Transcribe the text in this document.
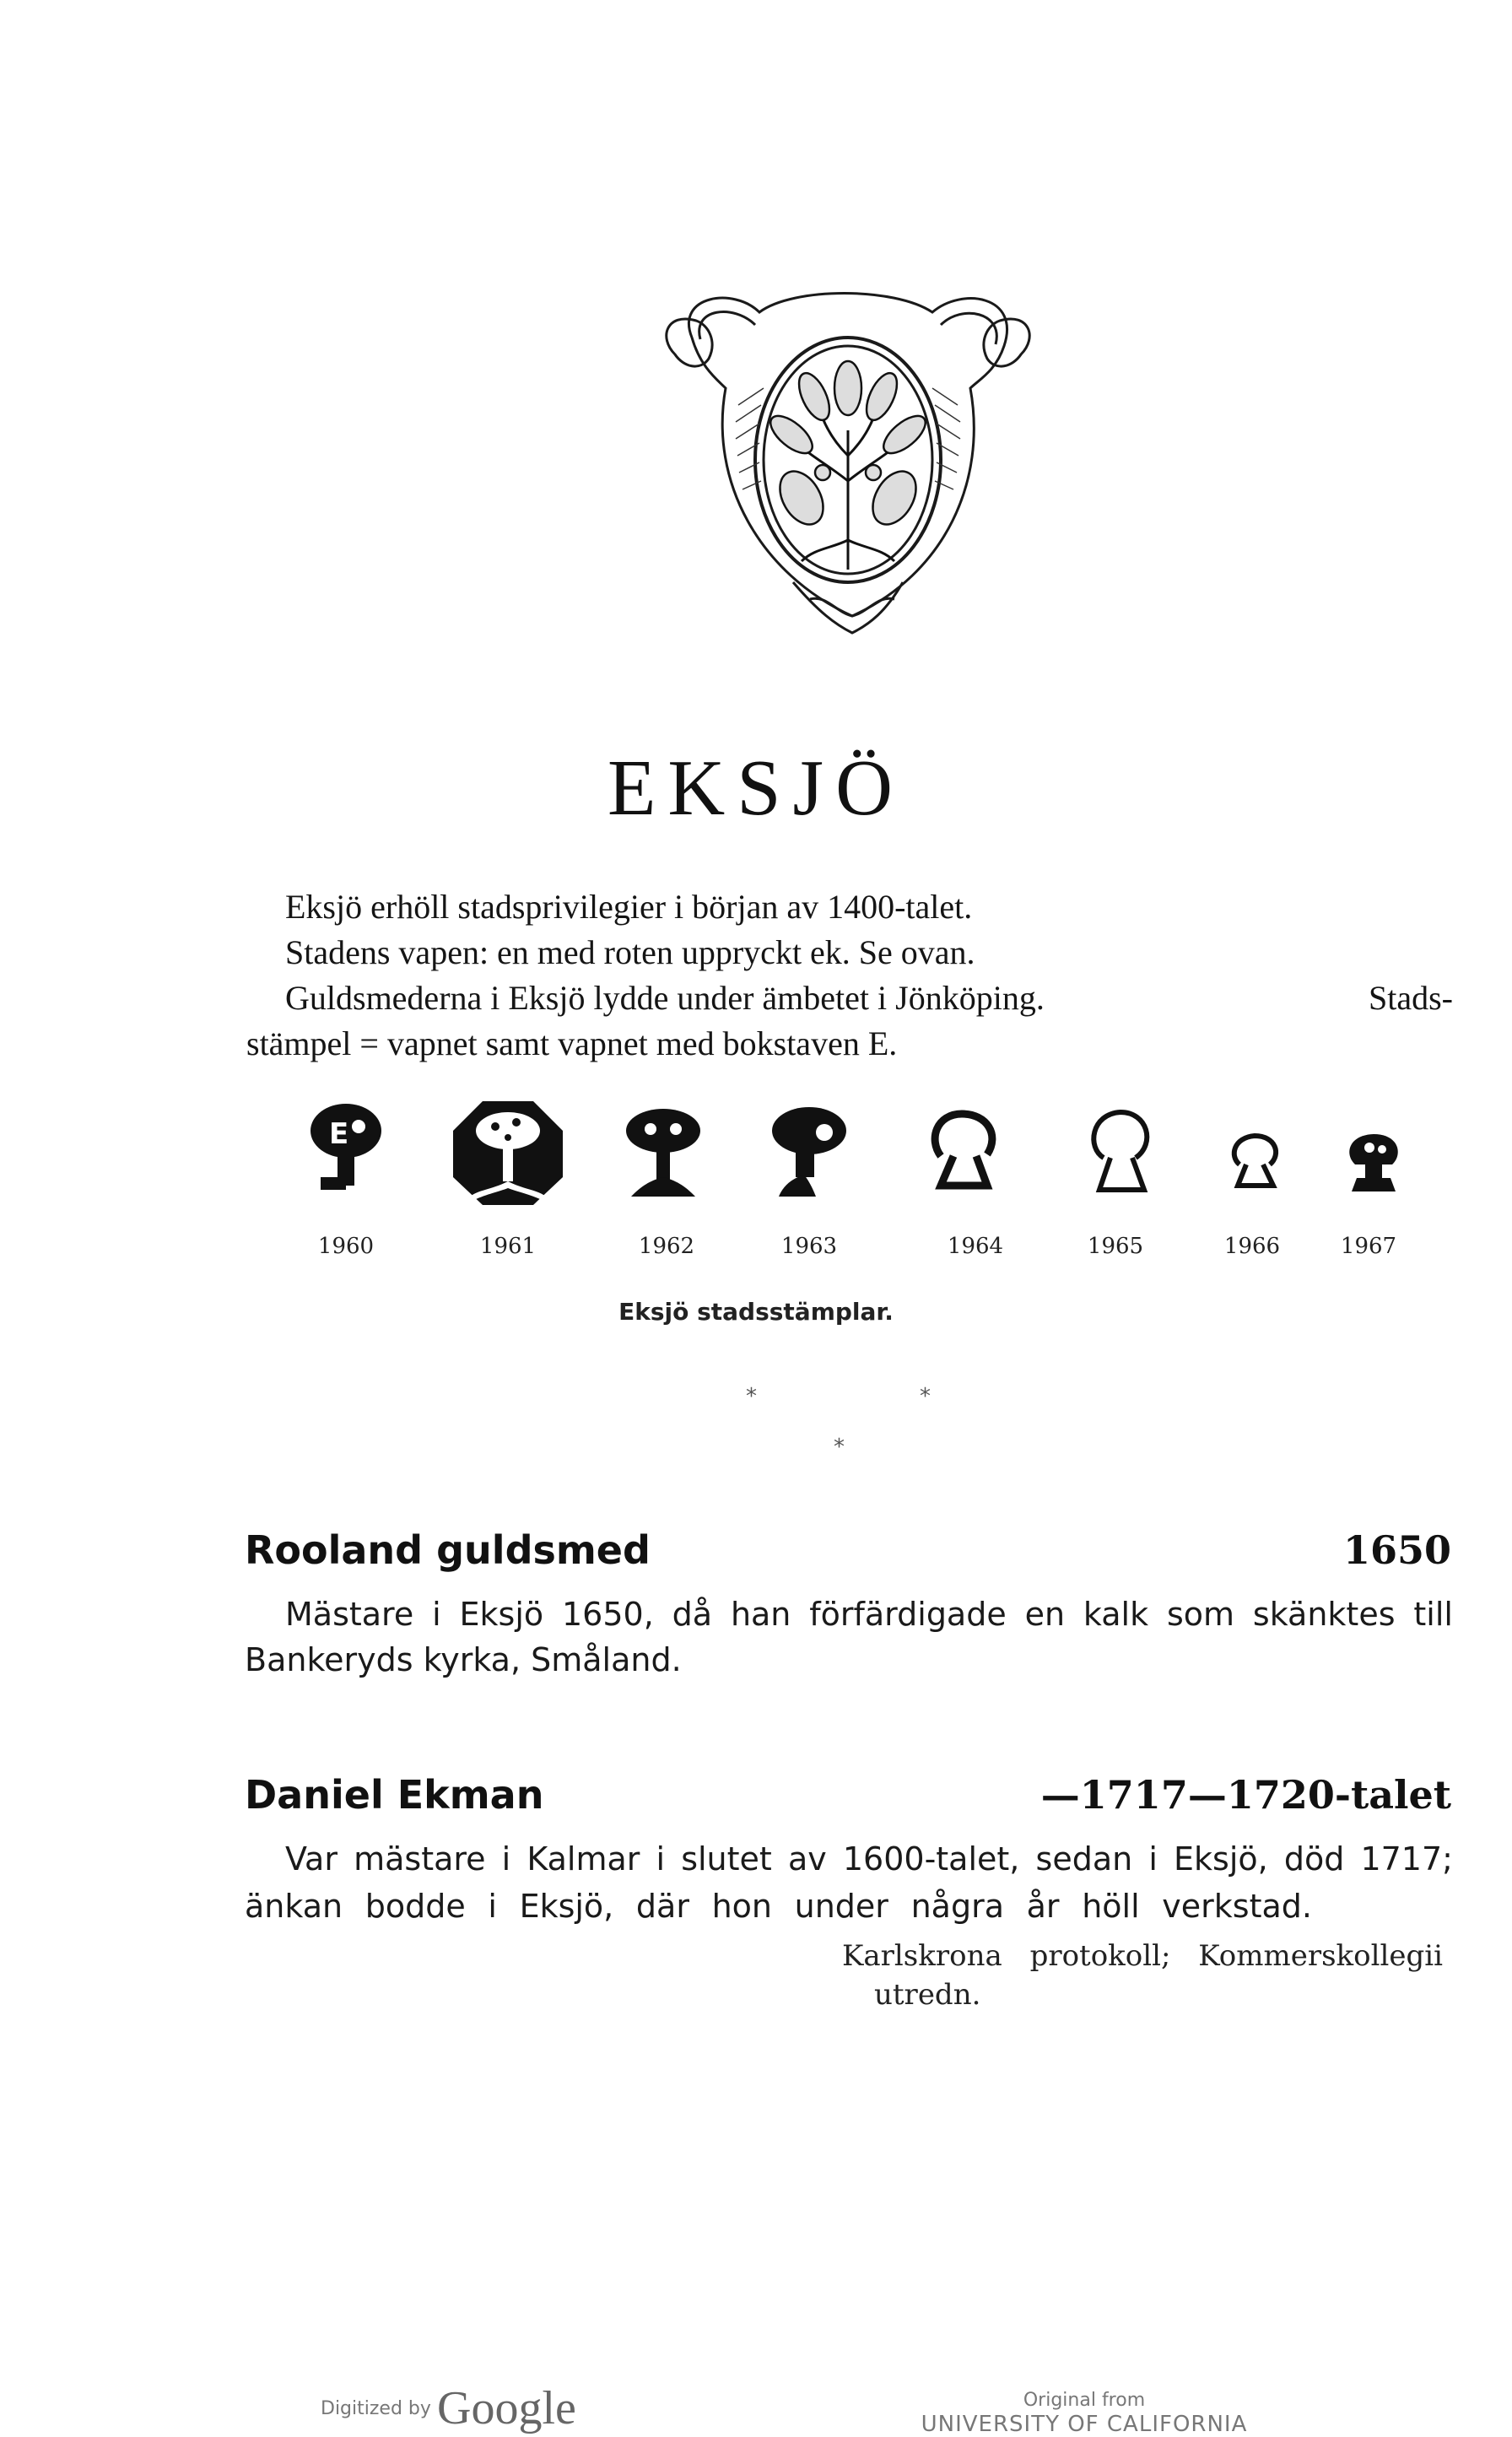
EKSJÖ
Eksjö erhöll stadsprivilegier i början av 1400-talet.
Stadens vapen: en med roten uppryckt ek. Se ovan.
Guldsmederna i Eksjö lydde under ämbetet i Jönköping.	Stads-
stämpel = vapnet samt vapnet med bokstaven E.
E
1960	1961	1962	1963	1964	1965	1966	1967
Eksjö stadsstämplar.
*	*
*
Rooland guldsmed	1650
Mästare i Eksjö 1650, då han förfärdigade en kalk som skänktes till
Bankeryds kyrka, Småland.
Daniel Ekman	—1717—1720-talet
Var mästare i Kalmar i slutet av 1600-talet, sedan i Eksjö, död 1717;
änkan bodde i Eksjö, där hon under några år höll verkstad.
Karlskrona protokoll; Kommerskollegii
utredn.
Digitized by Google	Original from
UNIVERSITY OF CALIFORNIA
